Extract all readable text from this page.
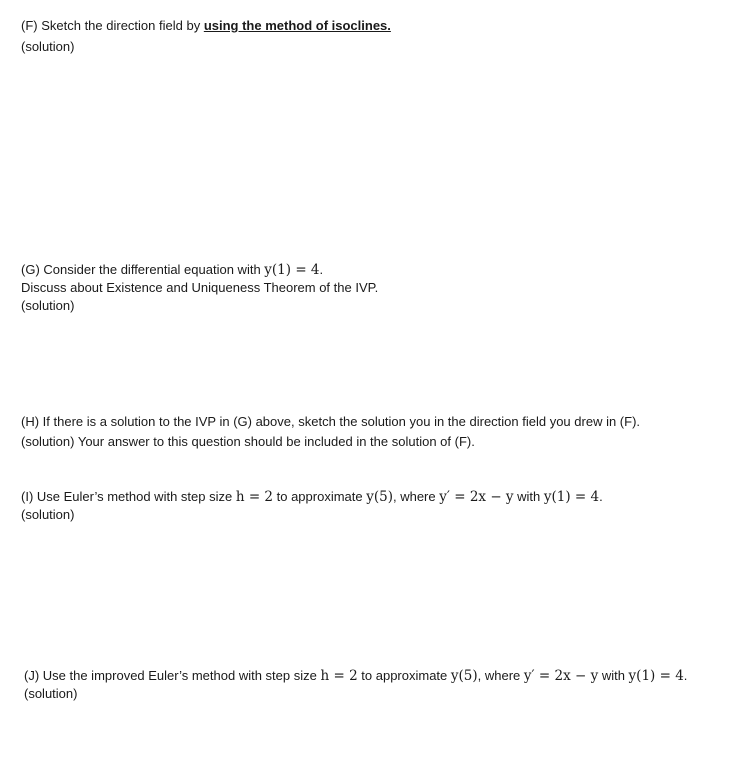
(F) Sketch the direction field by using the method of isoclines.
(solution)
(G) Consider the differential equation with y(1) = 4.
Discuss about Existence and Uniqueness Theorem of the IVP.
(solution)
(H) If there is a solution to the IVP in (G) above, sketch the solution you in the direction field you drew in (F).
(solution) Your answer to this question should be included in the solution of (F).
(I) Use Euler’s method with step size h = 2 to approximate y(5), where y′ = 2x − y with y(1) = 4.
(solution)
(J) Use the improved Euler’s method with step size h = 2 to approximate y(5), where y′ = 2x − y with y(1) = 4.
(solution)
